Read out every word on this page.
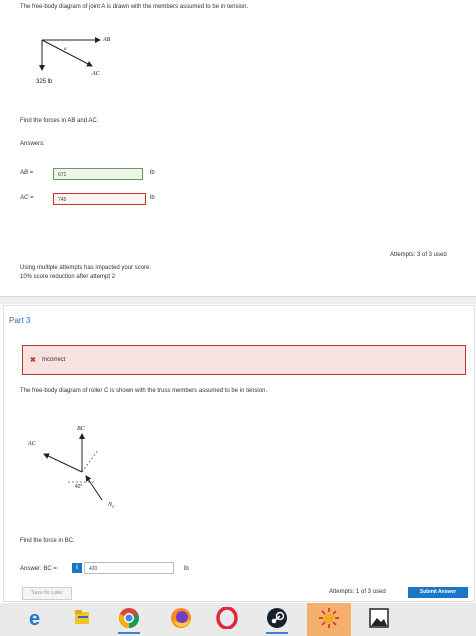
The free-body diagram of joint A is drawn with the members assumed to be in tension.
AB
AC
α
325 lb
Find the forces in AB and AC.
Answers:
AB =	671	lb
AC =	745	lb
Using multiple attempts has impacted your score.
10% score reduction after attempt 2
Attempts: 3 of 3 used
Part 3
✖ Incorrect
The free-body diagram of roller C is shown with the truss members assumed to be in tension.
BC
AC
42°
$N_C$
Find the force in BC.
Answer: BC =	i	420	lb
Save for Later	Attempts: 1 of 3 used	Submit Answer
e
